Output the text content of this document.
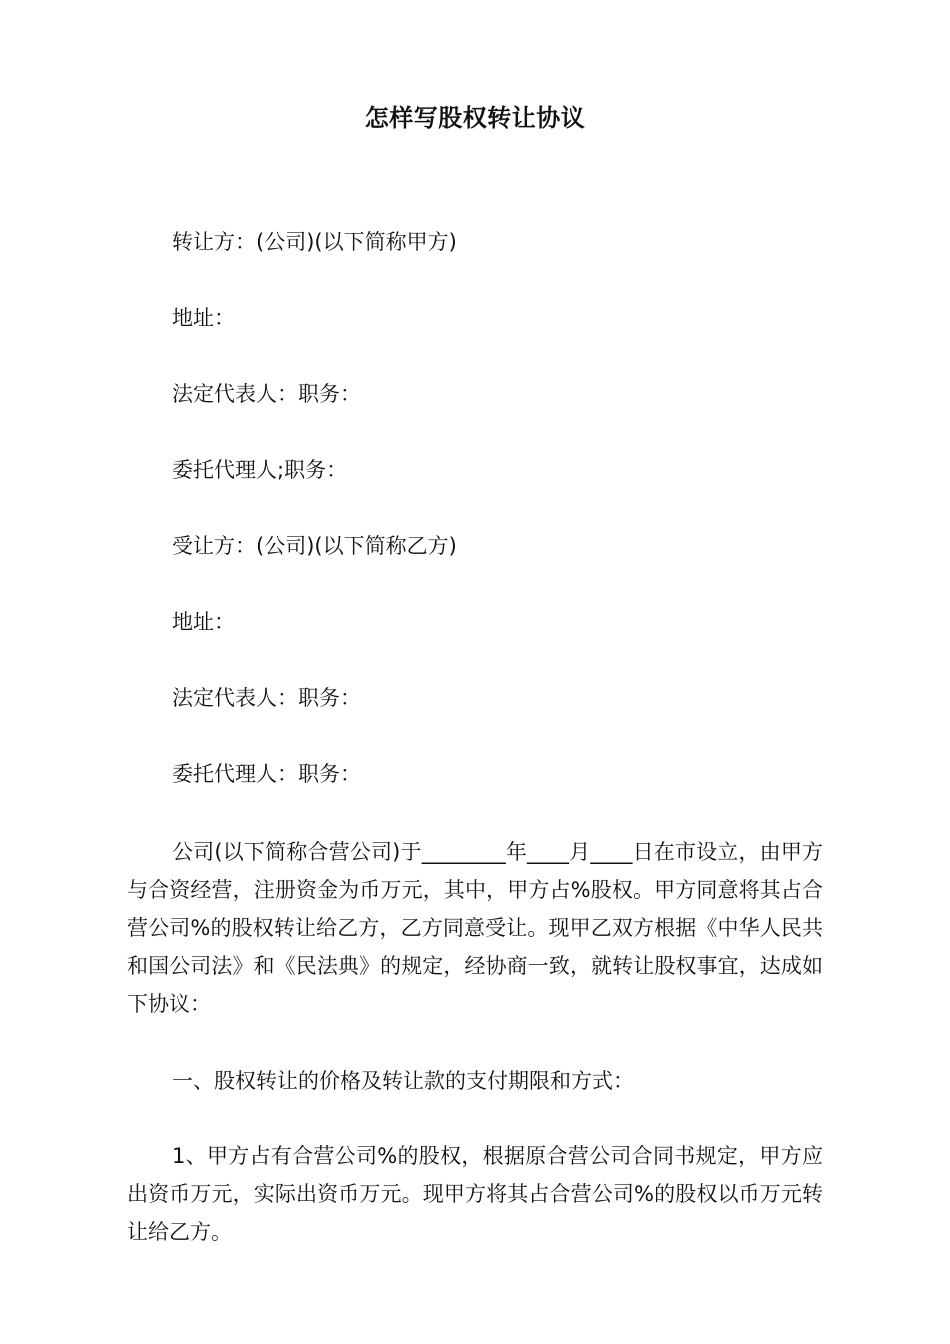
怎样写股权转让协议
转让方：(公司)(以下简称甲方)
地址：
法定代表人：职务：
委托代理人;职务：
受让方：(公司)(以下简称乙方)
地址：
法定代表人：职务：
委托代理人：职务：
公司(以下简称合营公司)于________年____月____日在市设立，由甲方与合资经营，注册资金为币万元，其中，甲方占%股权。甲方同意将其占合营公司%的股权转让给乙方，乙方同意受让。现甲乙双方根据《中华人民共和国公司法》和《民法典》的规定，经协商一致，就转让股权事宜，达成如下协议：
一、股权转让的价格及转让款的支付期限和方式：
1、甲方占有合营公司%的股权，根据原合营公司合同书规定，甲方应出资币万元，实际出资币万元。现甲方将其占合营公司%的股权以币万元转让给乙方。
